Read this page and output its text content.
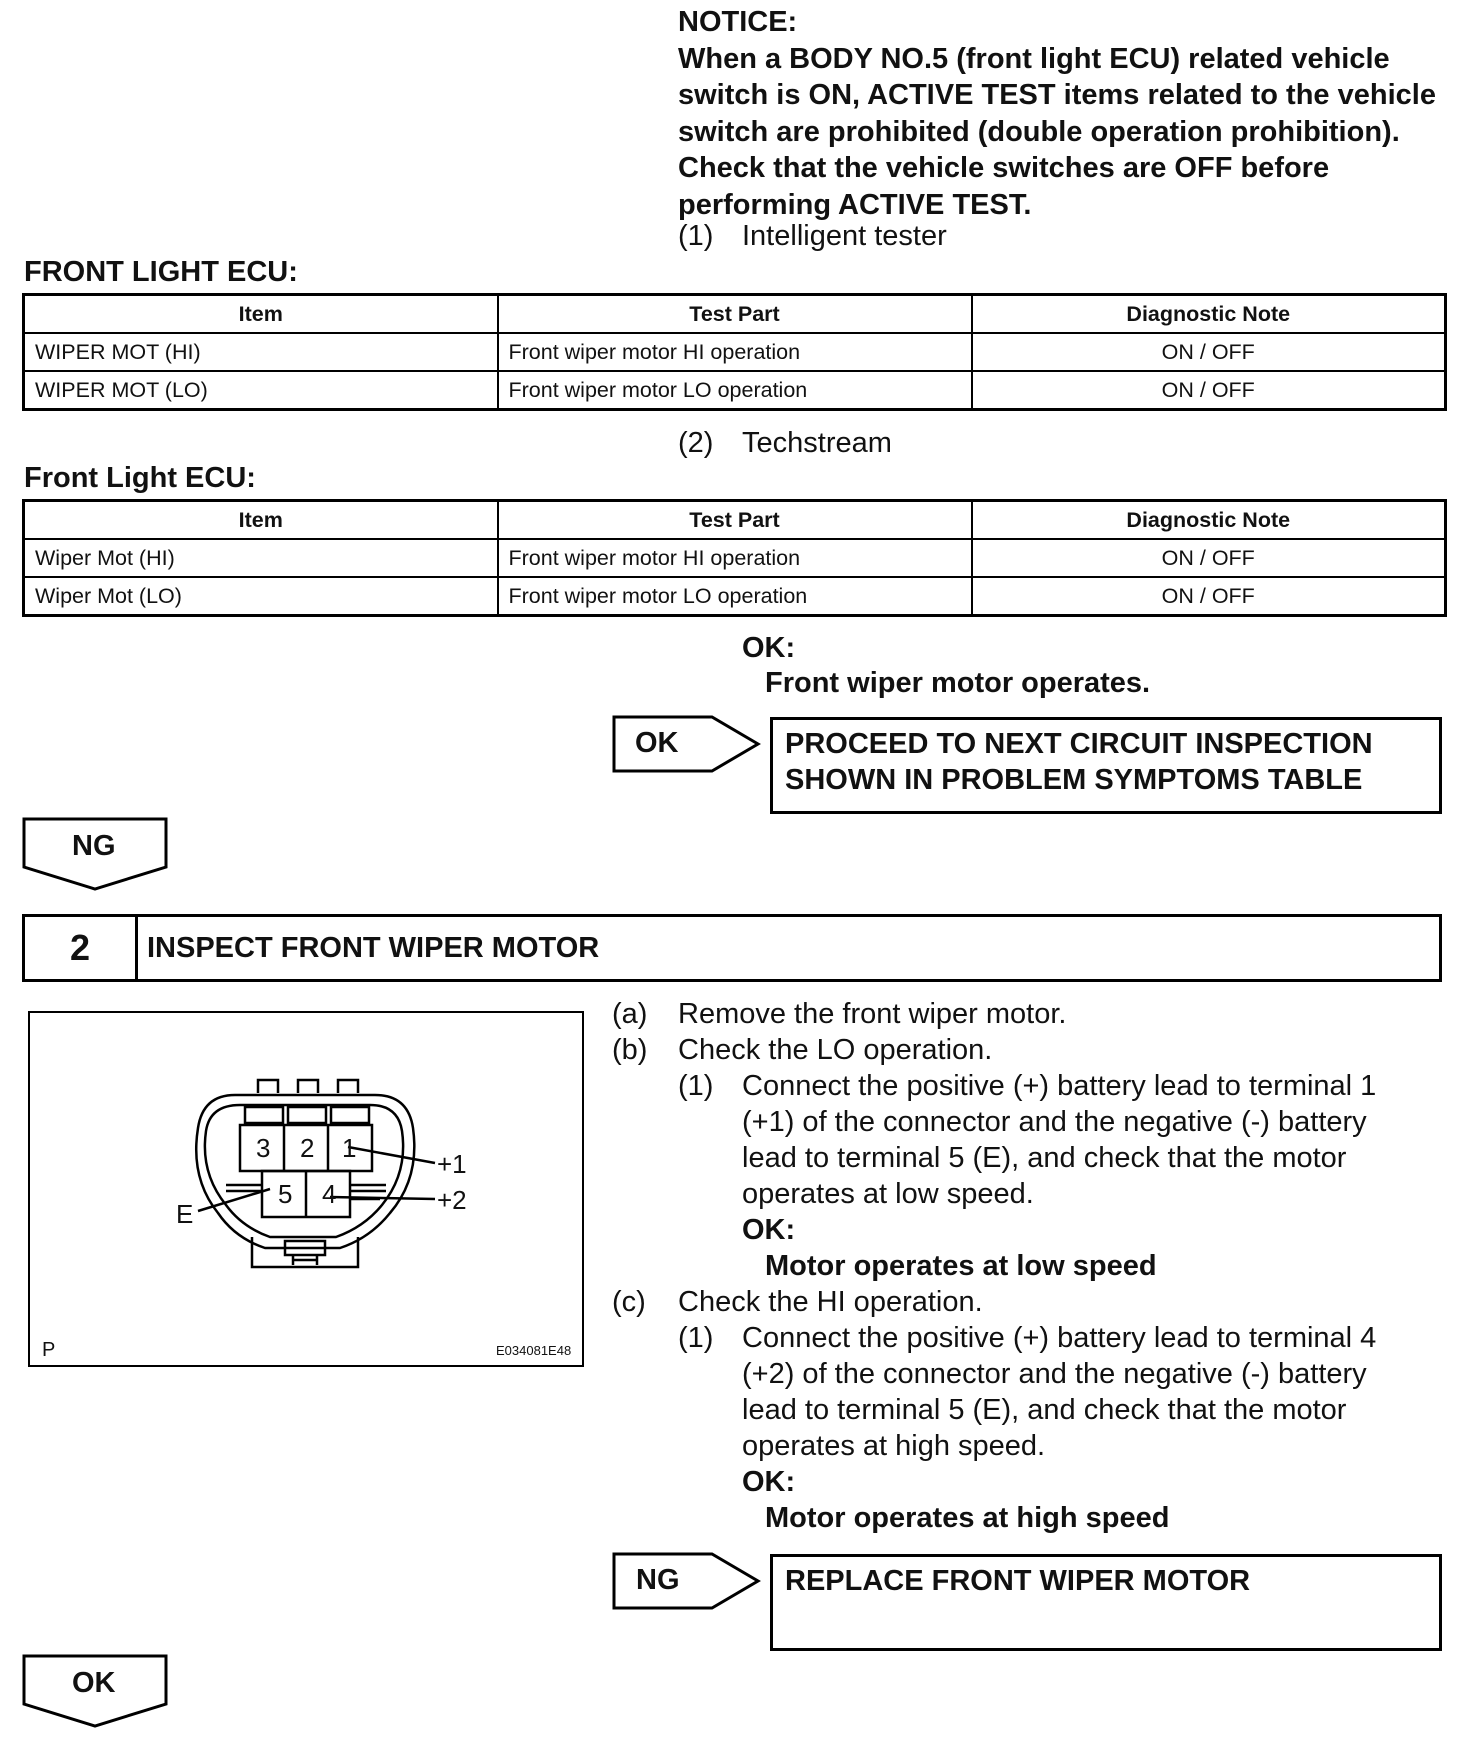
NOTICE:
When a BODY NO.5 (front light ECU) related vehicle switch is ON, ACTIVE TEST items related to the vehicle switch are prohibited (double operation prohibition). Check that the vehicle switches are OFF before performing ACTIVE TEST.
(1) Intelligent tester
FRONT LIGHT ECU:
Item	Test Part	Diagnostic Note
WIPER MOT (HI)	Front wiper motor HI operation	ON / OFF
WIPER MOT (LO)	Front wiper motor LO operation	ON / OFF
(2) Techstream
Front Light ECU:
Item	Test Part	Diagnostic Note
Wiper Mot (HI)	Front wiper motor HI operation	ON / OFF
Wiper Mot (LO)	Front wiper motor LO operation	ON / OFF
OK:
Front wiper motor operates.
OK	PROCEED TO NEXT CIRCUIT INSPECTION
SHOWN IN PROBLEM SYMPTOMS TABLE
NG
2	INSPECT FRONT WIPER MOTOR
3 2 1
5 4
+1
+2
E
P	E034081E48
(a)	Remove the front wiper motor.
(b)	Check the LO operation.
(1) Connect the positive (+) battery lead to terminal 1 (+1) of the connector and the negative (-) battery lead to terminal 5 (E), and check that the motor operates at low speed.
OK:
Motor operates at low speed
(c)	Check the HI operation.
(1) Connect the positive (+) battery lead to terminal 4 (+2) of the connector and the negative (-) battery lead to terminal 5 (E), and check that the motor operates at high speed.
OK:
Motor operates at high speed
NG	REPLACE FRONT WIPER MOTOR
OK
